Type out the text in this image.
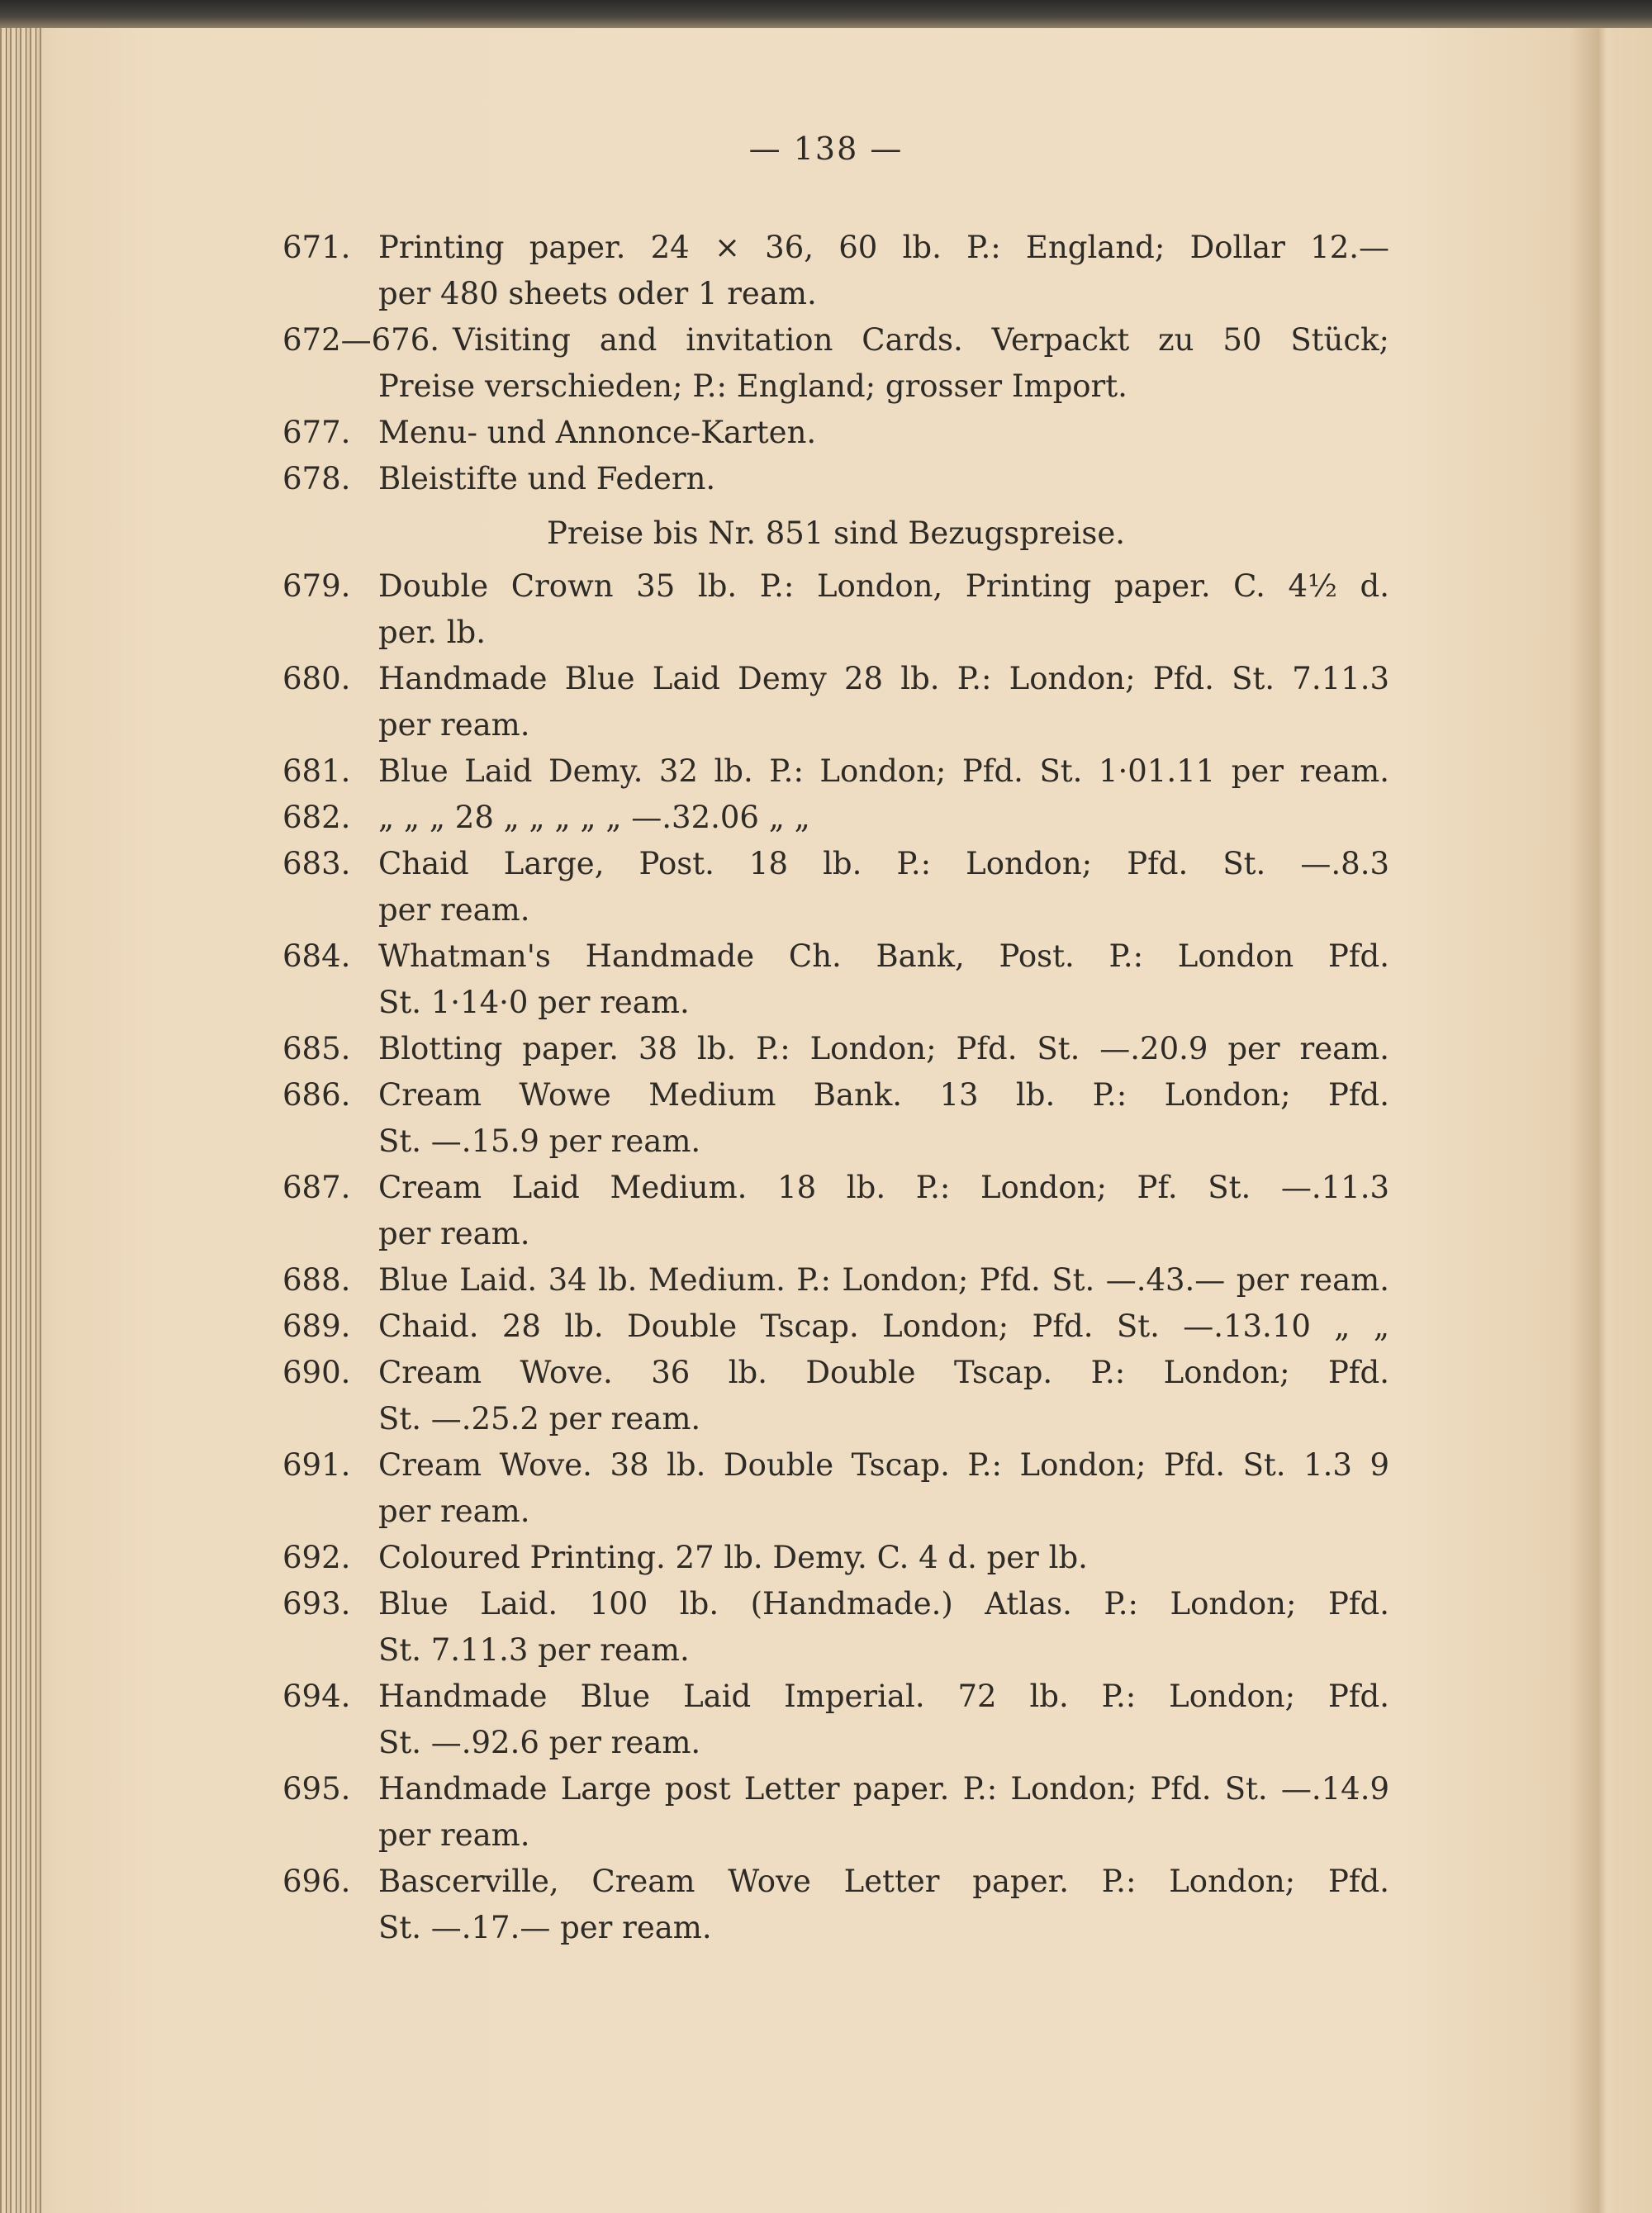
— 138 —
671. Printing paper. 24 × 36, 60 lb. P.: England; Dollar 12.—
per 480 sheets oder 1 ream.
672—676. Visiting and invitation Cards. Verpackt zu 50 Stück;
Preise verschieden; P.: England; grosser Import.
677. Menu- und Annonce-Karten.
678. Bleistifte und Federn.
Preise bis Nr. 851 sind Bezugspreise.
679. Double Crown 35 lb. P.: London, Printing paper. C. 4½ d.
per. lb.
680. Handmade Blue Laid Demy 28 lb. P.: London; Pfd. St. 7.11.3
per ream.
681. Blue Laid Demy. 32 lb. P.: London; Pfd. St. 1·01.11 per ream.
682. „ „ „ 28 „ „ „ „ „ —.32.06 „ „
683. Chaid Large, Post. 18 lb. P.: London; Pfd. St. —.8.3
per ream.
684. Whatman's Handmade Ch. Bank, Post. P.: London Pfd.
St. 1·14·0 per ream.
685. Blotting paper. 38 lb. P.: London; Pfd. St. —.20.9 per ream.
686. Cream Wowe Medium Bank. 13 lb. P.: London; Pfd.
St. —.15.9 per ream.
687. Cream Laid Medium. 18 lb. P.: London; Pf. St. —.11.3
per ream.
688. Blue Laid. 34 lb. Medium. P.: London; Pfd. St. —.43.— per ream.
689. Chaid. 28 lb. Double Tscap. London; Pfd. St. —.13.10 „ „
690. Cream Wove. 36 lb. Double Tscap. P.: London; Pfd.
St. —.25.2 per ream.
691. Cream Wove. 38 lb. Double Tscap. P.: London; Pfd. St. 1.3 9
per ream.
692. Coloured Printing. 27 lb. Demy. C. 4 d. per lb.
693. Blue Laid. 100 lb. (Handmade.) Atlas. P.: London; Pfd.
St. 7.11.3 per ream.
694. Handmade Blue Laid Imperial. 72 lb. P.: London; Pfd.
St. —.92.6 per ream.
695. Handmade Large post Letter paper. P.: London; Pfd. St. —.14.9
per ream.
696. Bascerville, Cream Wove Letter paper. P.: London; Pfd.
St. —.17.— per ream.
